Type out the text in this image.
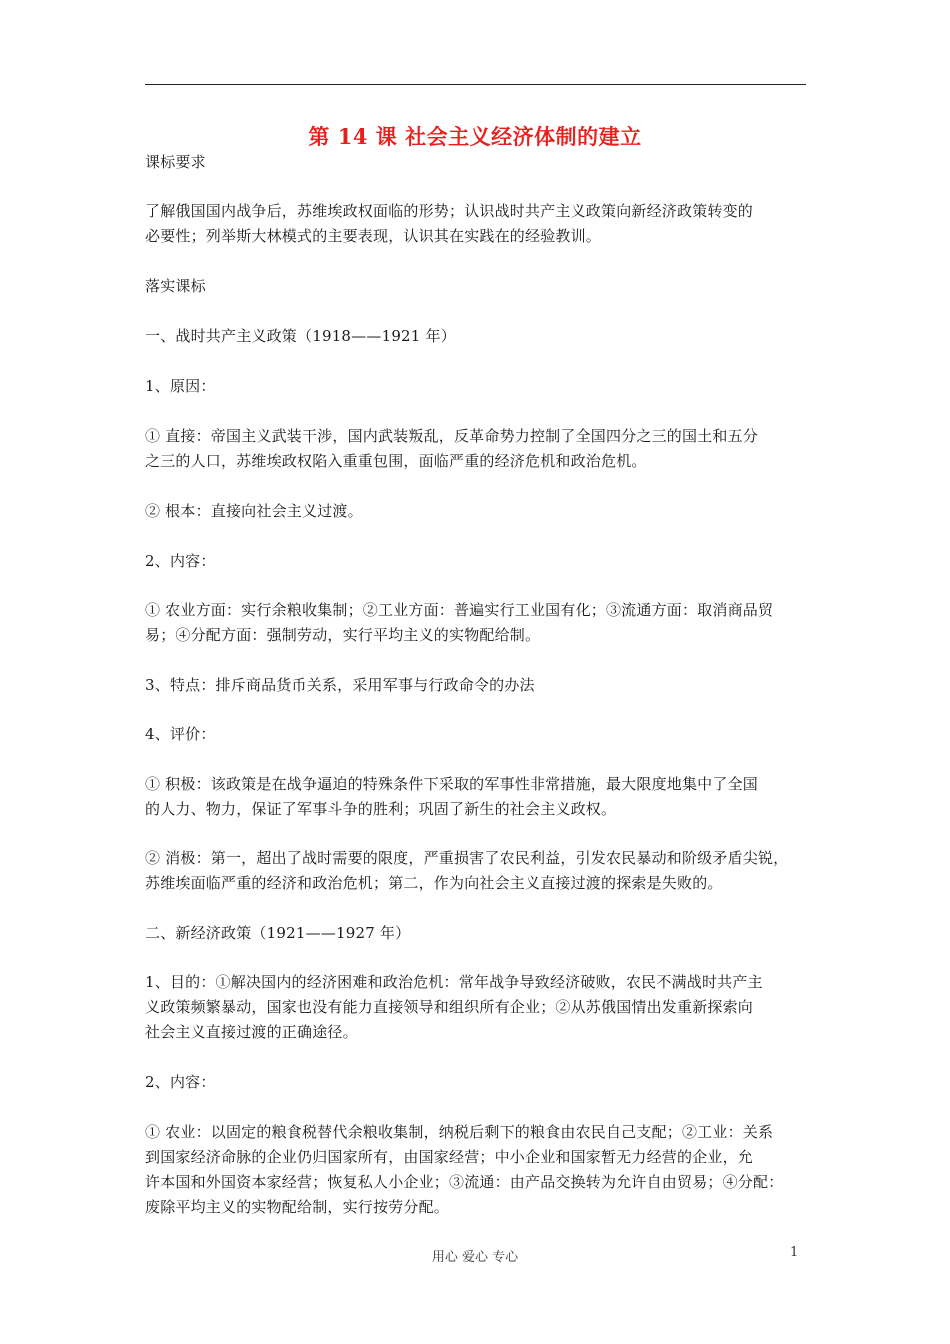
第 14 课 社会主义经济体制的建立
课标要求
了解俄国国内战争后，苏维埃政权面临的形势；认识战时共产主义政策向新经济政策转变的
必要性；列举斯大林模式的主要表现，认识其在实践在的经验教训。
落实课标
一、战时共产主义政策（1918——1921 年）
1、原因：
① 直接：帝国主义武装干涉，国内武装叛乱，反革命势力控制了全国四分之三的国土和五分
之三的人口，苏维埃政权陷入重重包围，面临严重的经济危机和政治危机。
② 根本：直接向社会主义过渡。
2、内容：
① 农业方面：实行余粮收集制；②工业方面：普遍实行工业国有化；③流通方面：取消商品贸
易；④分配方面：强制劳动，实行平均主义的实物配给制。
3、特点：排斥商品货币关系，采用军事与行政命令的办法
4、评价：
① 积极：该政策是在战争逼迫的特殊条件下采取的军事性非常措施，最大限度地集中了全国
的人力、物力，保证了军事斗争的胜利；巩固了新生的社会主义政权。
② 消极：第一，超出了战时需要的限度，严重损害了农民利益，引发农民暴动和阶级矛盾尖锐，
苏维埃面临严重的经济和政治危机；第二，作为向社会主义直接过渡的探索是失败的。
二、新经济政策（1921——1927 年）
1、目的：①解决国内的经济困难和政治危机：常年战争导致经济破败，农民不满战时共产主
义政策频繁暴动，国家也没有能力直接领导和组织所有企业；②从苏俄国情出发重新探索向
社会主义直接过渡的正确途径。
2、内容：
① 农业：以固定的粮食税替代余粮收集制，纳税后剩下的粮食由农民自己支配；②工业：关系
到国家经济命脉的企业仍归国家所有，由国家经营；中小企业和国家暂无力经营的企业，允
许本国和外国资本家经营；恢复私人小企业；③流通：由产品交换转为允许自由贸易；④分配：
废除平均主义的实物配给制，实行按劳分配。
用心 爱心 专心	1
